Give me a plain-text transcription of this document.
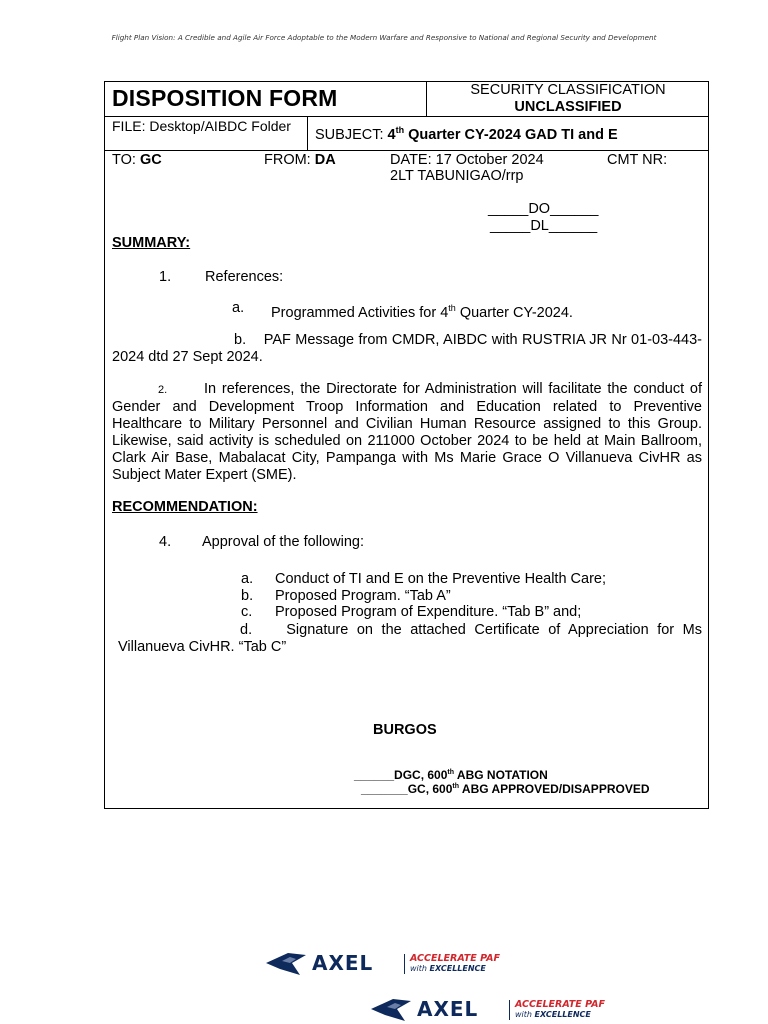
Flight Plan Vision: A Credible and Agile Air Force Adoptable to the Modern Warfare and Responsive to National and Regional Security and Development
DISPOSITION FORM	SECURITY CLASSIFICATION
UNCLASSIFIED
FILE: Desktop/AIBDC Folder
SUBJECT: 4th Quarter CY-2024 GAD TI and E
TO: GC	FROM: DA	DATE: 17 October 2024	CMT NR:
2LT TABUNIGAO/rrp
_____DO______
_____DL______
SUMMARY:
1. References:
a. Programmed Activities for 4th Quarter CY-2024.
b.    PAF Message from CMDR, AIBDC with RUSTRIA JR Nr 01-03-443-2024 dtd 27 Sept 2024.
2.	In references, the Directorate for Administration will facilitate the conduct of Gender and Development Troop Information and Education related to Preventive Healthcare to Military Personnel and Civilian Human Resource assigned to this Group. Likewise, said activity is scheduled on 211000 October 2024 to be held at Main Ballroom, Clark Air Base, Mabalacat City, Pampanga with Ms Marie Grace O Villanueva CivHR as Subject Mater Expert (SME).
RECOMMENDATION:
4. Approval of the following:
a. Conduct of TI and E on the Preventive Health Care;
b. Proposed Program. “Tab A”
c. Proposed Program of Expenditure. “Tab B” and;
d.    Signature on the attached Certificate of Appreciation for Ms Villanueva CivHR. “Tab C”
BURGOS
______DGC, 600th ABG NOTATION
_______GC, 600th ABG APPROVED/DISAPPROVED
AXEL	ACCELERATE PAF
with EXCELLENCE
AXEL	ACCELERATE PAF
with EXCELLENCE
